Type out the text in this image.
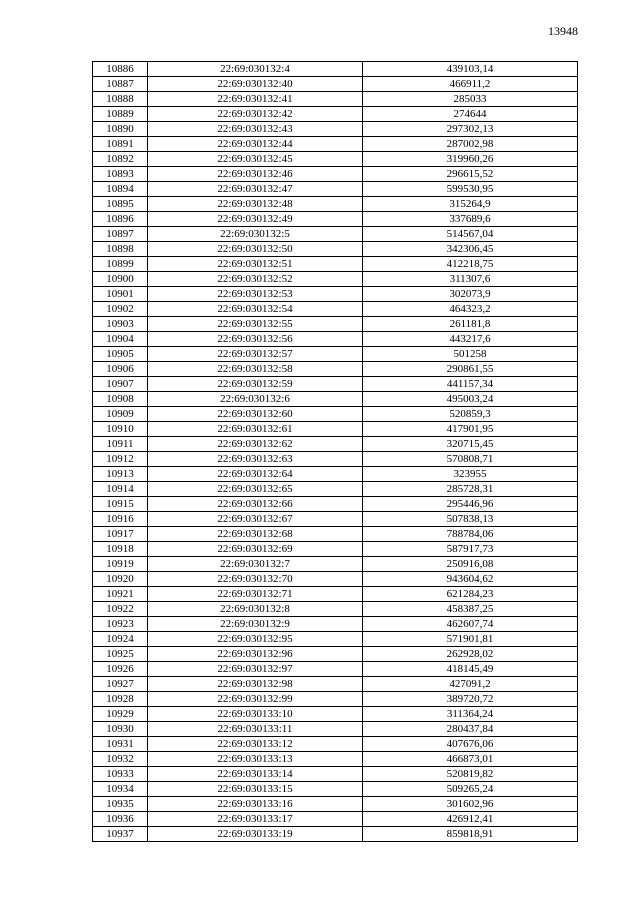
13948
10886	22:69:030132:4	439103,14
10887	22:69:030132:40	466911,2
10888	22:69:030132:41	285033
10889	22:69:030132:42	274644
10890	22:69:030132:43	297302,13
10891	22:69:030132:44	287002,98
10892	22:69:030132:45	319960,26
10893	22:69:030132:46	296615,52
10894	22:69:030132:47	599530,95
10895	22:69:030132:48	315264,9
10896	22:69:030132:49	337689,6
10897	22:69:030132:5	514567,04
10898	22:69:030132:50	342306,45
10899	22:69:030132:51	412218,75
10900	22:69:030132:52	311307,6
10901	22:69:030132:53	302073,9
10902	22:69:030132:54	464323,2
10903	22:69:030132:55	261181,8
10904	22:69:030132:56	443217,6
10905	22:69:030132:57	501258
10906	22:69:030132:58	290861,55
10907	22:69:030132:59	441157,34
10908	22:69:030132:6	495003,24
10909	22:69:030132:60	520859,3
10910	22:69:030132:61	417901,95
10911	22:69:030132:62	320715,45
10912	22:69:030132:63	570808,71
10913	22:69:030132:64	323955
10914	22:69:030132:65	285728,31
10915	22:69:030132:66	295446,96
10916	22:69:030132:67	507838,13
10917	22:69:030132:68	788784,06
10918	22:69:030132:69	587917,73
10919	22:69:030132:7	250916,08
10920	22:69:030132:70	943604,62
10921	22:69:030132:71	621284,23
10922	22:69:030132:8	458387,25
10923	22:69:030132:9	462607,74
10924	22:69:030132:95	571901,81
10925	22:69:030132:96	262928,02
10926	22:69:030132:97	418145,49
10927	22:69:030132:98	427091,2
10928	22:69:030132:99	389720,72
10929	22:69:030133:10	311364,24
10930	22:69:030133:11	280437,84
10931	22:69:030133:12	407676,06
10932	22:69:030133:13	466873,01
10933	22:69:030133:14	520819,82
10934	22:69:030133:15	509265,24
10935	22:69:030133:16	301602,96
10936	22:69:030133:17	426912,41
10937	22:69:030133:19	859818,91
